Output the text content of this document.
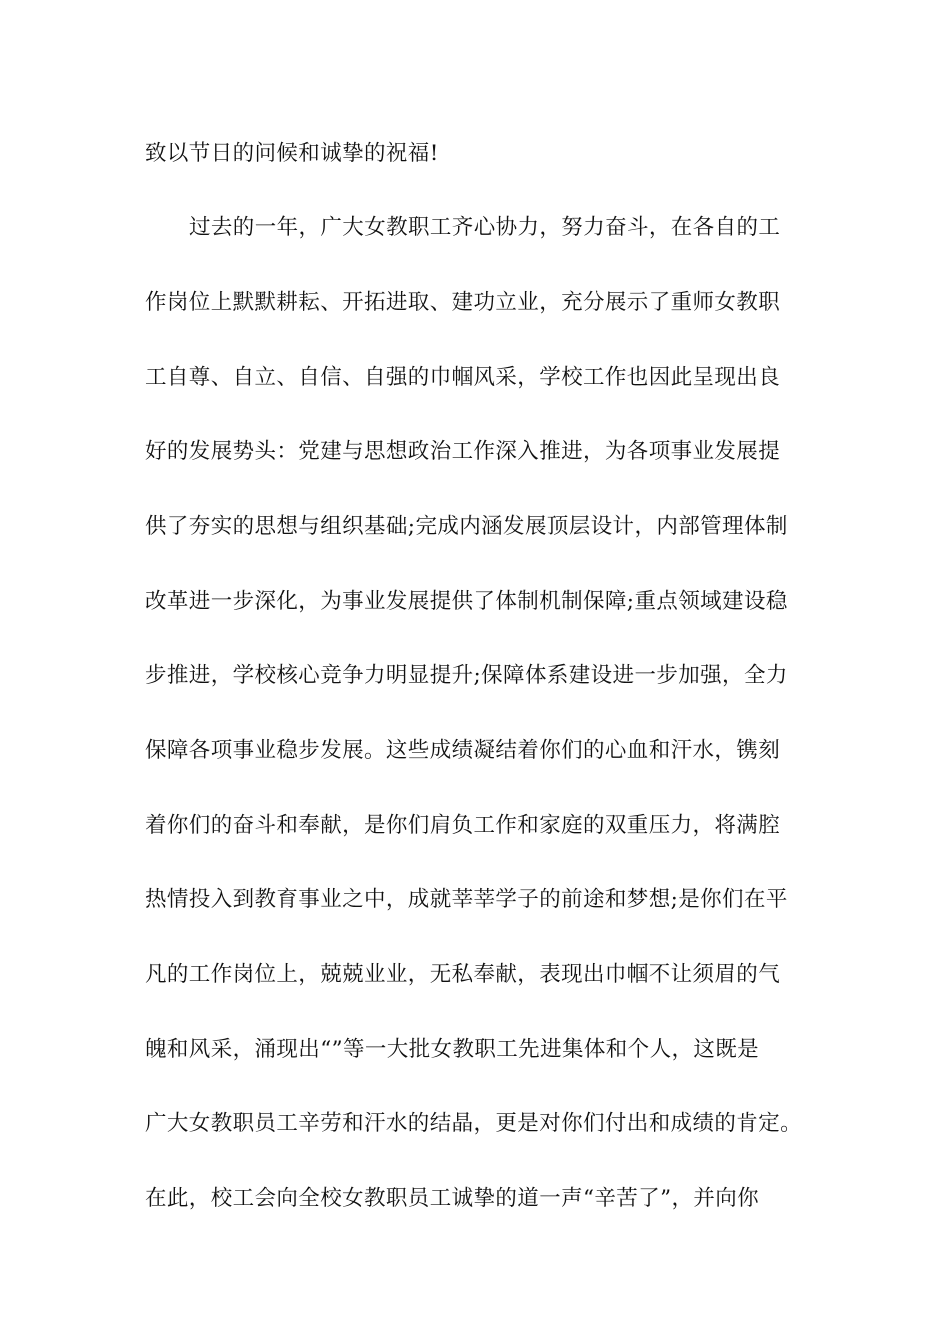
致以节日的问候和诚挚的祝福!
过去的一年，广大女教职工齐心协力，努力奋斗，在各自的工
作岗位上默默耕耘、开拓进取、建功立业，充分展示了重师女教职
工自尊、自立、自信、自强的巾帼风采，学校工作也因此呈现出良
好的发展势头：党建与思想政治工作深入推进，为各项事业发展提
供了夯实的思想与组织基础;完成内涵发展顶层设计，内部管理体制
改革进一步深化，为事业发展提供了体制机制保障;重点领域建设稳
步推进，学校核心竞争力明显提升;保障体系建设进一步加强，全力
保障各项事业稳步发展。这些成绩凝结着你们的心血和汗水，镌刻
着你们的奋斗和奉献，是你们肩负工作和家庭的双重压力，将满腔
热情投入到教育事业之中，成就莘莘学子的前途和梦想;是你们在平
凡的工作岗位上，兢兢业业，无私奉献，表现出巾帼不让须眉的气
魄和风采，涌现出“”等一大批女教职工先进集体和个人，这既是
广大女教职员工辛劳和汗水的结晶，更是对你们付出和成绩的肯定。
在此，校工会向全校女教职员工诚挚的道一声“辛苦了”，并向你
